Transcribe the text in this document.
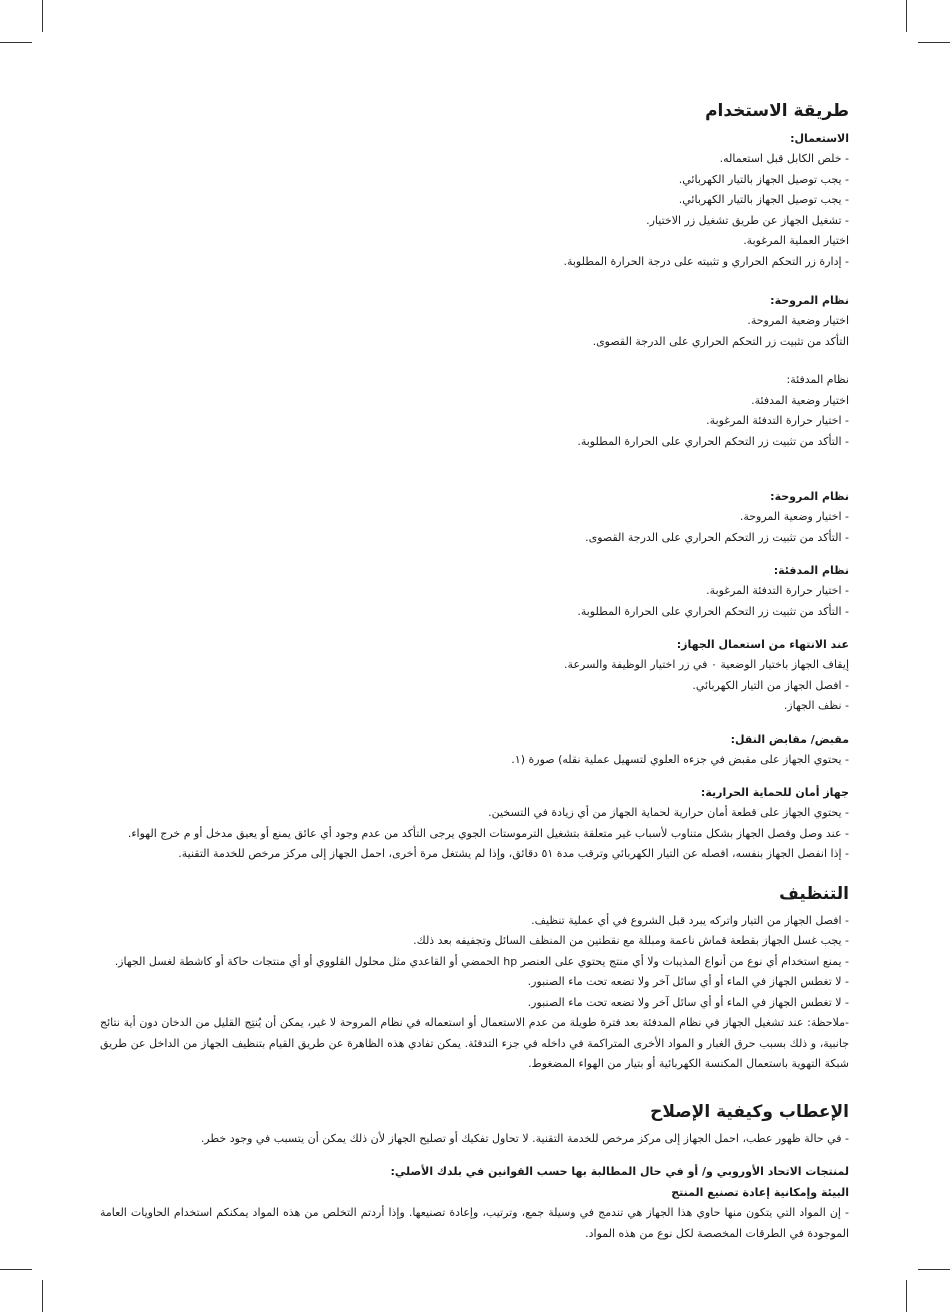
طريقة الاستخدام
الاستعمال:

- خلص الكابل قبل استعماله.

- يجب توصيل الجهاز بالتيار الكهربائي.

- يجب توصيل الجهاز بالتيار الكهربائي.

- تشغيل الجهاز عن طريق تشغيل زر الاختيار.

اختيار العملية المرغوبة.

- إدارة زر التحكم الحراري و تثبيته على درجة الحرارة المطلوبة.

نظام المروحة:

اختيار وضعية المروحة.

التأكد من تثبيت زر التحكم الحراري على الدرجة القصوى.

نظام المدفئة:

اختيار وضعية المدفئة.

- اختيار حرارة التدفئة المرغوبة.

- التأكد من تثبيت زر التحكم الحراري على الحرارة المطلوبة.

نظام المروحة:

- اختيار وضعية المروحة.

- التأكد من تثبيت زر التحكم الحراري على الدرجة القصوى.

نظام المدفئة:

- اختيار حرارة التدفئة المرغوبة.

- التأكد من تثبيت زر التحكم الحراري على الحرارة المطلوبة.

عند الانتهاء من استعمال الجهاز:

إيقاف الجهاز باختيار الوضعية ٠ في زر اختيار الوظيفة والسرعة.

- افصل الجهاز من التيار الكهربائي.

- نظف الجهاز.

مقبض/ مقابض النقل:

- يحتوي الجهاز على مقبض في جزءه العلوي لتسهيل عملية نقله) صورة (١.

جهاز أمان للحماية الحرارية:

- يحتوي الجهاز على قطعة أمان حرارية لحماية الجهاز من أي زيادة في التسخين.

- عند وصل وفصل الجهاز بشكل متناوب لأسباب غير متعلقة بتشغيل الترموستات الجوي يرجى التأكد من عدم وجود أي عائق يمنع أو يعيق مدخل أو م خرج الهواء.

- إذا انفصل الجهاز بنفسه، افصله عن التيار الكهربائي وترقب مدة ٥١ دقائق، وإذا لم يشتغل مرة أخرى، احمل الجهاز إلى مركز مرخص للخدمة التقنية.

التنظيف

- افصل الجهاز من التيار واتركه يبرد قبل الشروع في أي عملية تنظيف.

- يجب غسل الجهاز بقطعة قماش ناعمة ومبللة مع نقطتين من المنظف السائل وتجفيفه بعد ذلك.

- يمنع استخدام أي نوع من أنواع المذيبات ولا أي منتج يحتوي على العنصر hp الحمضي أو القاعدي مثل محلول القلووي أو أي منتجات حاكة أو كاشطة لغسل الجهاز.

- لا تغطس الجهاز في الماء أو أي سائل آخر ولا تضعه تحت ماء الصنبور.

- لا تغطس الجهاز في الماء أو أي سائل آخر ولا تضعه تحت ماء الصنبور.

-ملاحظة: عند تشغيل الجهاز في نظام المدفئة بعد فترة طويلة من عدم الاستعمال أو استعماله في نظام المروحة لا غير، يمكن أن يُنتِج القليل من الدخان دون أية نتائج جانبية، و ذلك بسبب حرق الغبار و المواد الأخرى المتراكمة في داخله في جزء التدفئة. يمكن تفادي هذه الظاهرة عن طريق القيام بتنظيف الجهاز من الداخل عن طريق شبكة التهوية باستعمال المكنسة الكهربائية أو بتيار من الهواء المضغوط.

الإعطاب وكيفية الإصلاح

- في حالة ظهور عطب، احمل الجهاز إلى مركز مرخص للخدمة التقنية. لا تحاول تفكيك أو تصليح الجهاز لأن ذلك يمكن أن يتسبب في وجود خطر.

لمنتجات الاتحاد الأوروبي و/ أو في حال المطالبة بها حسب القوانين في بلدك الأصلي:
البيئة وإمكانية إعادة تصنيع المنتج

- إن المواد التي يتكون منها حاوي هذا الجهاز هي تندمج في وسيلة جمع، وترتيب، وإعادة تصنيعها. وإذا أردتم التخلص من هذه المواد يمكنكم استخدام الحاويات العامة الموجودة في الطرقات المخصصة لكل نوع من هذه المواد.
